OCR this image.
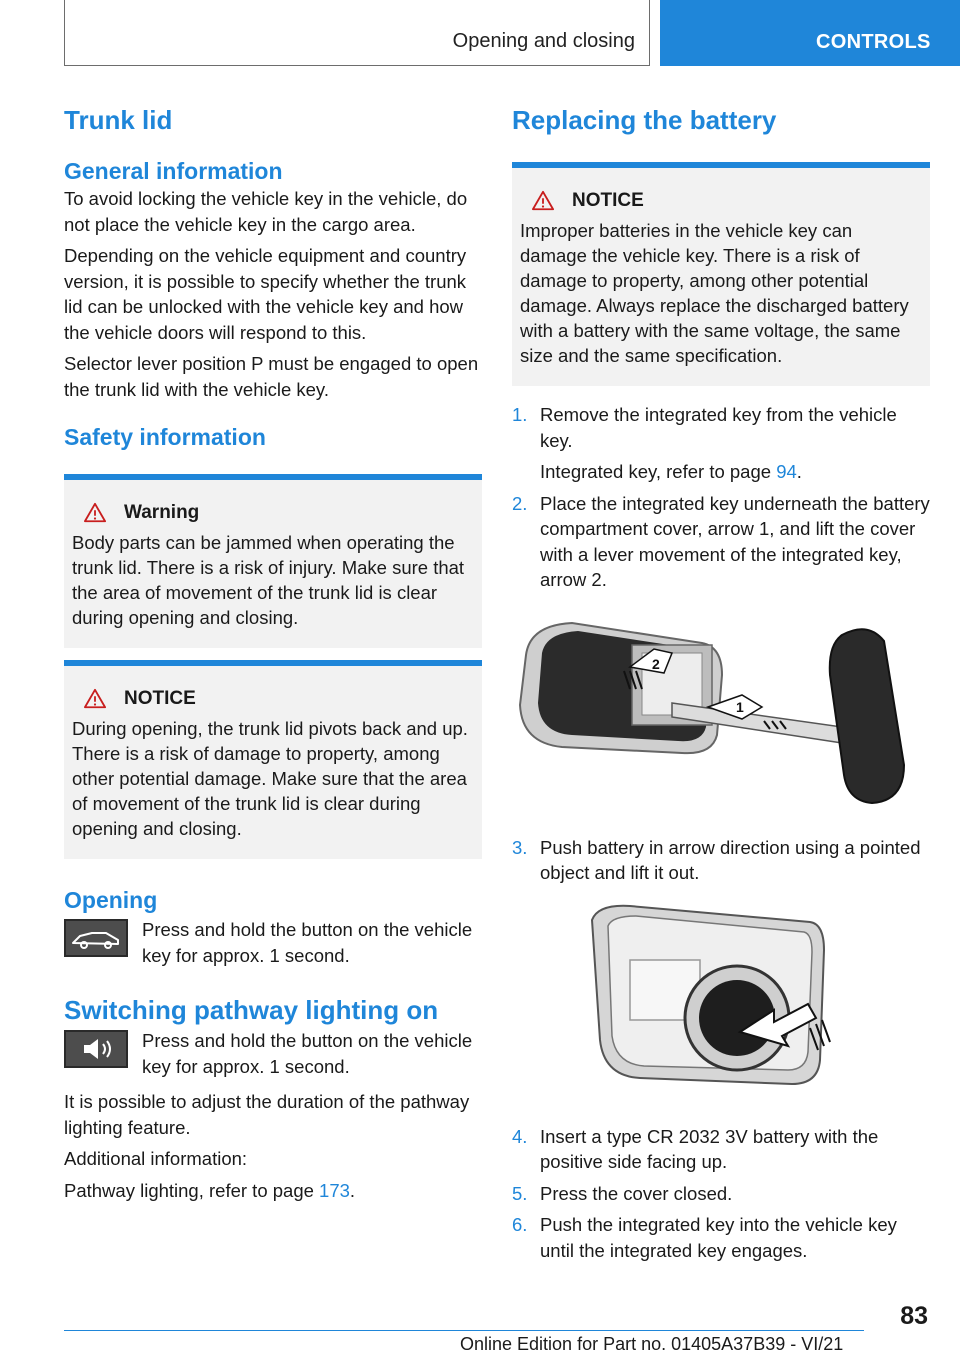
Opening and closing	CONTROLS
Trunk lid
General information

To avoid locking the vehicle key in the vehicle, do not place the vehicle key in the cargo area.

Depending on the vehicle equipment and country version, it is possible to specify whether the trunk lid can be unlocked with the vehicle key and how the vehicle doors will respond to this.

Selector lever position P must be engaged to open the trunk lid with the vehicle key.

Safety information
Warning

Body parts can be jammed when operating the trunk lid. There is a risk of injury. Make sure that the area of movement of the trunk lid is clear during opening and closing.

NOTICE

During opening, the trunk lid pivots back and up. There is a risk of damage to property, among other potential damage. Make sure that the area of movement of the trunk lid is clear during opening and closing.

Opening

Press and hold the button on the vehicle key for approx. 1 second.

Switching pathway lighting on

Press and hold the button on the vehicle key for approx. 1 second.

It is possible to adjust the duration of the pathway lighting feature.

Additional information:

Pathway lighting, refer to page 173.

Replacing the battery
NOTICE

Improper batteries in the vehicle key can damage the vehicle key. There is a risk of damage to property, among other potential damage. Always replace the discharged battery with a battery with the same voltage, the same size and the same specification.

1. Remove the integrated key from the vehicle key.
Integrated key, refer to page 94.
2. Place the integrated key underneath the battery compartment cover, arrow 1, and lift the cover with a lever movement of the integrated key, arrow 2.
2
1
3. Push battery in arrow direction using a pointed object and lift it out.
4. Insert a type CR 2032 3V battery with the positive side facing up.
5. Press the cover closed.
6. Push the integrated key into the vehicle key until the integrated key engages.
83
Online Edition for Part no. 01405A37B39 - VI/21
